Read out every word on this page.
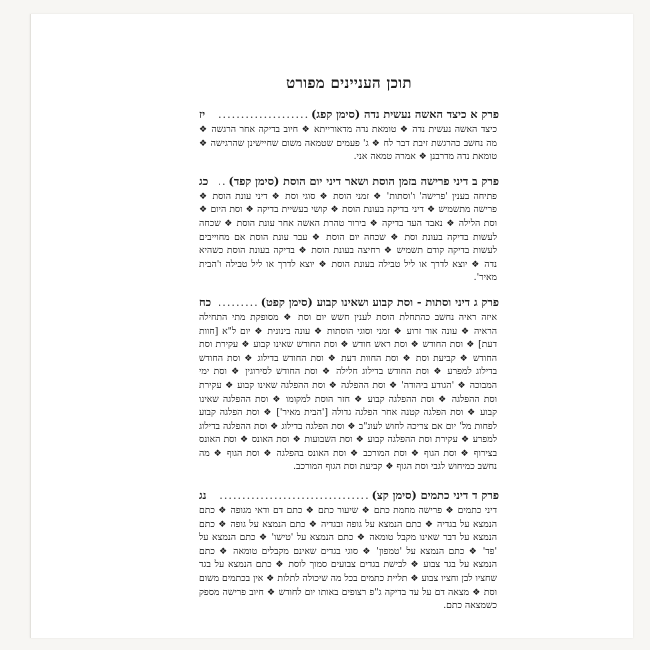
תוכן העניינים מפורט
פרק א כיצד האשה נעשית נדה (סימן קפג)
.....
יז
כיצד האשה נעשית נדה ❖ טומאת נדה מדאורייתא ❖ חיוב בדיקה אחר הרגשה ❖ מה נחשב כהרגשת זיבת דבר לח ❖ ג' פעמים שטמאה משום שחיישינן שהרגישה ❖ טומאת נדה מדרבנן ❖ אמרה טמאה אני.
פרק ב דיני פרישה בזמן הוסת ושאר דיני יום הוסת (סימן קפד)
.....
כג
פתיחה בענין 'פרישה' ו'וסתות' ❖ זמני הוסת ❖ סוגי וסת ❖ דיני עונת הוסת ❖ פרישה מתשמיש ❖ דיני בדיקה בעונת הוסת ❖ קושי בעשיית בדיקה ❖ וסת היום ❖ וסת הלילה ❖ נאבד העד בדיקה ❖ בירור טהרת האשה אחר עונת הוסת ❖ שכחה לעשות בדיקה בעונת וסת ❖ שכחה יום הוסת ❖ עבר עונת הוסת אם מחוייבים לעשות בדיקה קודם תשמיש ❖ רחיצה בעונת הוסת ❖ בדיקה בעונת הוסת כשהיא נדה ❖ יוצא לדרך או ליל טבילה בעונת הוסת ❖ יוצא לדרך או ליל טבילה ו'הבית מאיר'.
פרק ג דיני וסתות - וסת קבוע ושאינו קבוע (סימן קפט)
.....
כח
איזה ראיה נחשב כהתחלת הוסת לענין חשש יום וסת ❖ מסופקת מתי התחילה הראיה ❖ עונה אור זרוע ❖ זמני וסוגי הוסתות ❖ עונה בינונית ❖ יום ל"א [חוות דעת] ❖ וסת החודש ❖ וסת ראש חודש ❖ וסת החודש שאינו קבוע ❖ עקירת וסת החודש ❖ קביעת וסת ❖ וסת החוות דעת ❖ וסת החודש בדילוג ❖ וסת החודש בדילוג למפרע ❖ וסת החודש בדילוג חלילה ❖ וסת החודש לסירוגין ❖ וסת ימי המבוכה ❖ 'הגודע ביהודה' ❖ וסת ההפלגה ❖ וסת ההפלגה שאינו קבוע ❖ עקירת וסת ההפלגה ❖ וסת ההפלגה קבוע ❖ חזר הוסת למקומו ❖ וסת ההפלגה שאינו קבוע ❖ וסת הפלגה קטנה אחר הפלגה גדולה ['הבית מאיר'] ❖ וסת הפלגה קבוע לפחות מל' יום אם צריכה לחוש לעונ"ב ❖ וסת הפלגה בדילוג ❖ וסת ההפלגה בדילוג למפרע ❖ עקירת וסת ההפלגה קבוע ❖ וסת השבועות ❖ וסת האונס ❖ וסת האונס בצירוף ❖ וסת הגוף ❖ וסת המורכב ❖ וסת האונס בהפלגה ❖ וסת הגוף ❖ מה נחשב כמיחוש לגבי וסת הגוף ❖ קביעת וסת הגוף המורכב.
פרק ד דיני כתמים (סימן קצ)
.....
נג
דיני כתמים ❖ פרישה מחמת כתם ❖ שיעור כתם ❖ כתם דם ודאי מגופה ❖ כתם הנמצא על בגדיה ❖ כתם הנמצא על גופה ובגדיה ❖ כתם הנמצא על גופה ❖ כתם הנמצא על דבר שאינו מקבל טומאה ❖ כתם הנמצא על 'טישו' ❖ כתם הנמצא על 'פד' ❖ כתם הנמצא על 'טמפון' ❖ סוגי בגדים שאינם מקבלים טומאה ❖ כתם הנמצא על בגד צבוע ❖ לבישת בגדים צבועים סמוך לוסת ❖ כתם הנמצא על בגד שחציו לבן וחציו צבוע ❖ תליית כתמים בכל מה שיכולה לתלות ❖ אין בכתמים משום וסת ❖ מצאה דם על עד בדיקה ג"פ רצופים באותו יום לחודש ❖ חיוב פרישה מספק כשמצאה כתם.
